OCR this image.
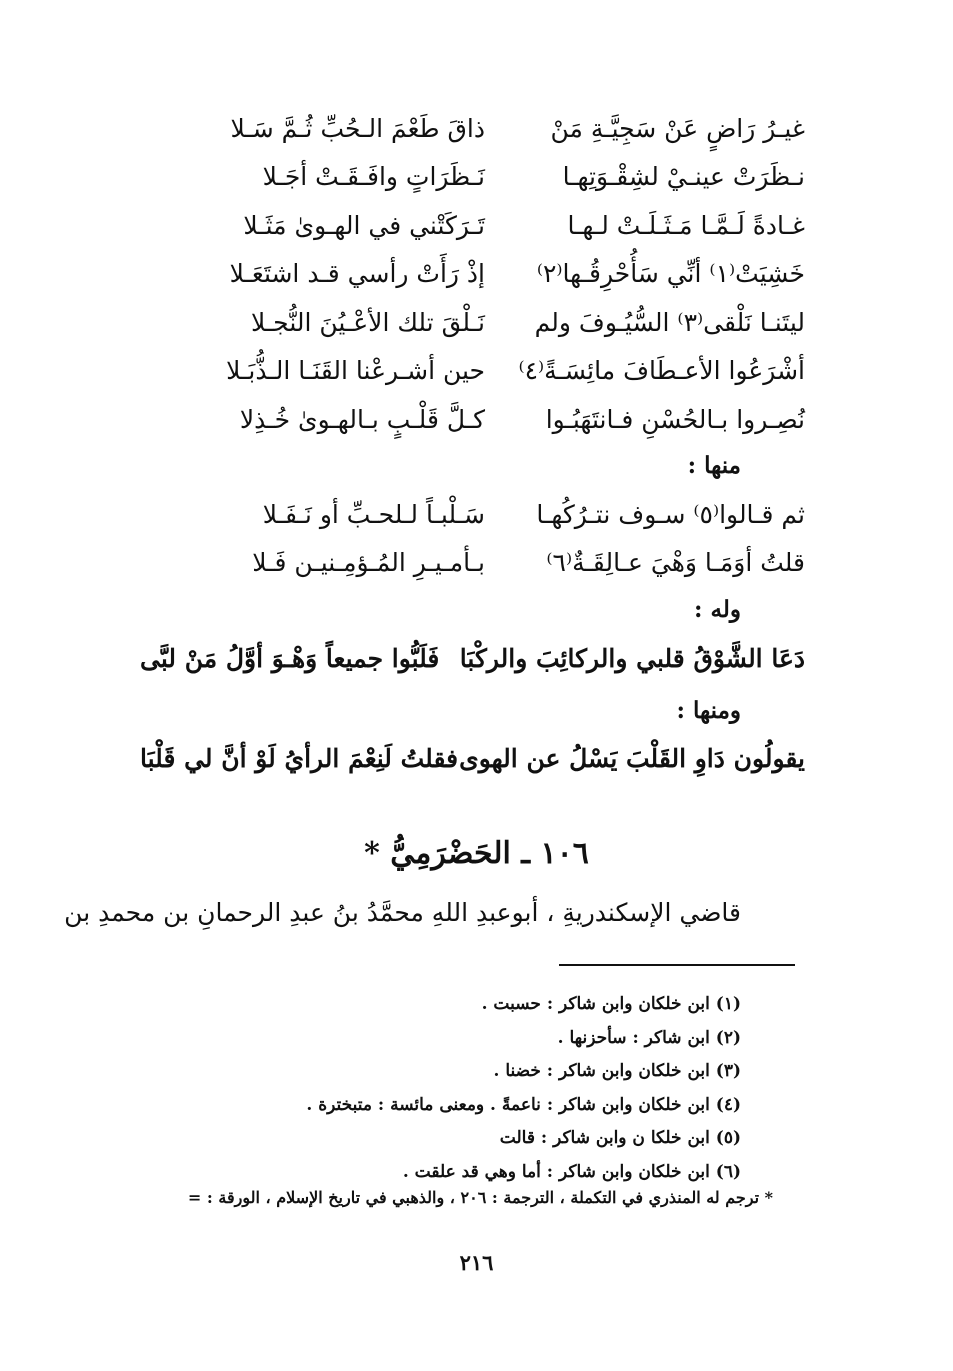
غيـرُ رَاضٍ عَنْ سَجِيَّـةِ مَنْ
ذاقَ طَعْمَ الـحُبِّ ثُـمَّ سَـلا
نـظَرَتْ عينـيْ لشِقْـوَتِهـا
نَـظَرَاتٍ وافَـقَـتْ أجَـلا
غـادةً لَـمَّـا مَـثَـلَـتْ لـهـا
تَـرَكَتْني في الهـوىٰ مَثَـلا
خَشِيَتْ⁽١⁾ أنِّي سَأُحْرِقُـها⁽٢⁾
إذْ رَأَتْ رأسي قـد اشتَعَـلا
ليتَنـا نَلْقى⁽٣⁾ السُّيُـوفَ ولم
نَـلْقَ تلك الأعْـيُنَ النُّجـلا
أشْرَعُوا الأعـطَافَ مائِسَـةً⁽٤⁾
حين أشـرعْنا القَنَـا الـذُّبَـلا
نُصِـروا بـالحُسْنِ فـانتَهَبُـوا
كـلَّ قَلْـبٍ بـالهـوىٰ خُـذِلا
منها :
ثم قـالوا⁽٥⁾ سـوف نتـرُكُهـا
سَـلْبـاً لـلحـبِّ أو نَـفَـلا
قلتُ أوَمَـا وَهْيَ عـالِقَـةٌ⁽٦⁾
بـأمـيـرِ المُـؤمِـنيـن فَـلا
وله :
دَعَا الشَّوْقُ قلبي والركائِبَ والركْبَا
فَلَبُّوا جميعاً وَهْـوَ أوَّلُ مَنْ لبَّى
ومنها :
يقولُون دَاوِ القَلْبَ يَسْلُ عن الهوى
فقلتُ لَنِعْمَ الرأيُ لَوْ أنَّ لي قَلْبَا
١٠٦ ـ الحَضْرَمِيُّ *
قاضي الإسكندريةِ ، أبوعبدِ اللهِ محمَّدُ بنُ عبدِ الرحمانِ بن محمدِ بن
(١) ابن خلكان وابن شاكر : حسبت .
(٢) ابن شاكر : سأحزنها .
(٣) ابن خلكان وابن شاكر : خضنا .
(٤) ابن خلكان وابن شاكر : ناعمةً . ومعنى مائسة : متبخترة .
(٥) ابن خلكا ن وابن شاكر : قالت
(٦) ابن خلكان وابن شاكر : أما وهي قد علقت .
* ترجم له المنذري في التكملة ، الترجمة : ٢٠٦ ، والذهبي في تاريخ الإسلام ، الورقة : =
٢١٦
